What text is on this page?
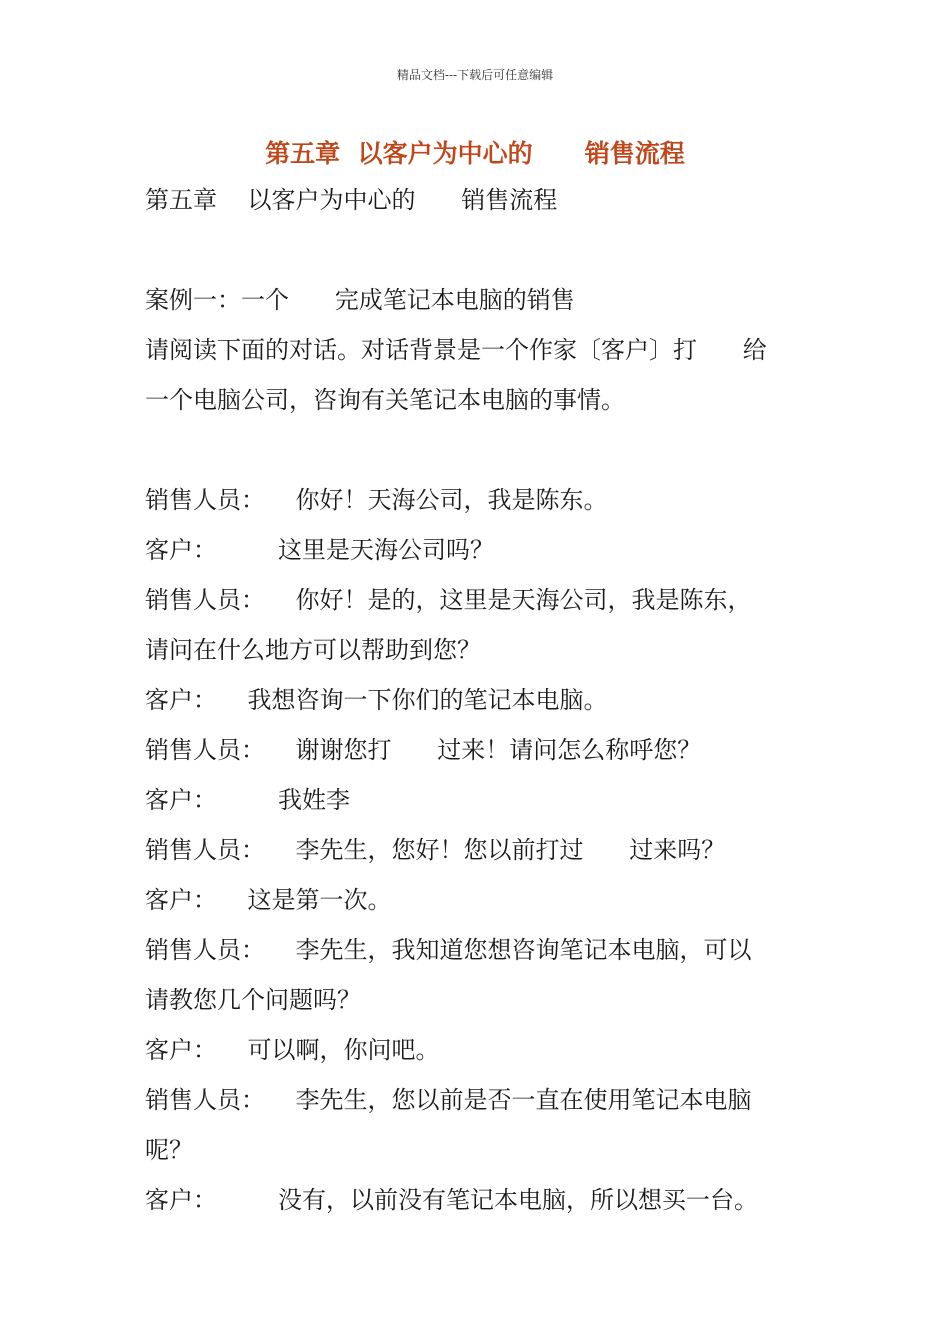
精品文档---下载后可任意编辑
第五章  以客户为中心的      销售流程
第五章    以客户为中心的      销售流程
案例一：一个      完成笔记本电脑的销售
请阅读下面的对话。对话背景是一个作家〔客户〕打      给
一个电脑公司，咨询有关笔记本电脑的事情。
销售人员：    你好！天海公司，我是陈东。
客户：        这里是天海公司吗？
销售人员：    你好！是的，这里是天海公司，我是陈东，
请问在什么地方可以帮助到您？
客户：    我想咨询一下你们的笔记本电脑。
销售人员：    谢谢您打      过来！请问怎么称呼您？
客户：        我姓李
销售人员：    李先生，您好！您以前打过      过来吗？
客户：    这是第一次。
销售人员：    李先生，我知道您想咨询笔记本电脑，可以
请教您几个问题吗？
客户：    可以啊，你问吧。
销售人员：    李先生，您以前是否一直在使用笔记本电脑
呢？
客户：        没有，以前没有笔记本电脑，所以想买一台。
